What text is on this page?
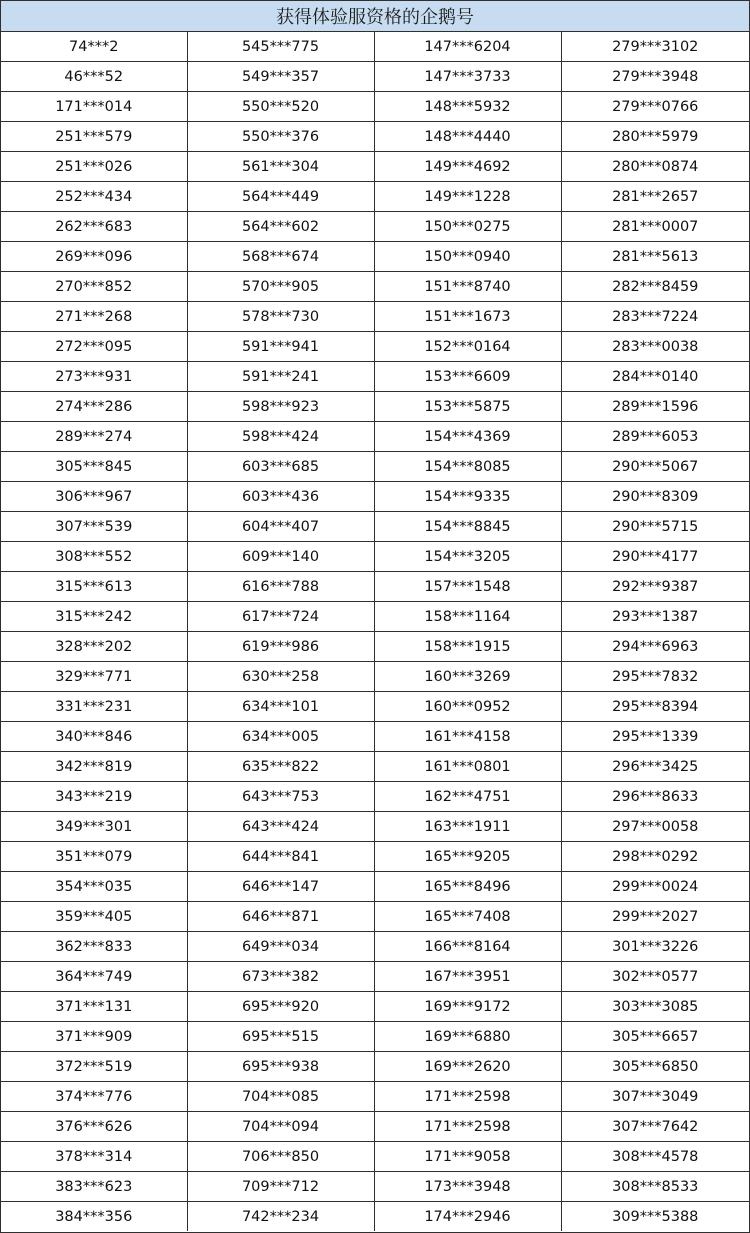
获得体验服资格的企鹅号
74***2	545***775	147***6204	279***3102
46***52	549***357	147***3733	279***3948
171***014	550***520	148***5932	279***0766
251***579	550***376	148***4440	280***5979
251***026	561***304	149***4692	280***0874
252***434	564***449	149***1228	281***2657
262***683	564***602	150***0275	281***0007
269***096	568***674	150***0940	281***5613
270***852	570***905	151***8740	282***8459
271***268	578***730	151***1673	283***7224
272***095	591***941	152***0164	283***0038
273***931	591***241	153***6609	284***0140
274***286	598***923	153***5875	289***1596
289***274	598***424	154***4369	289***6053
305***845	603***685	154***8085	290***5067
306***967	603***436	154***9335	290***8309
307***539	604***407	154***8845	290***5715
308***552	609***140	154***3205	290***4177
315***613	616***788	157***1548	292***9387
315***242	617***724	158***1164	293***1387
328***202	619***986	158***1915	294***6963
329***771	630***258	160***3269	295***7832
331***231	634***101	160***0952	295***8394
340***846	634***005	161***4158	295***1339
342***819	635***822	161***0801	296***3425
343***219	643***753	162***4751	296***8633
349***301	643***424	163***1911	297***0058
351***079	644***841	165***9205	298***0292
354***035	646***147	165***8496	299***0024
359***405	646***871	165***7408	299***2027
362***833	649***034	166***8164	301***3226
364***749	673***382	167***3951	302***0577
371***131	695***920	169***9172	303***3085
371***909	695***515	169***6880	305***6657
372***519	695***938	169***2620	305***6850
374***776	704***085	171***2598	307***3049
376***626	704***094	171***2598	307***7642
378***314	706***850	171***9058	308***4578
383***623	709***712	173***3948	308***8533
384***356	742***234	174***2946	309***5388
